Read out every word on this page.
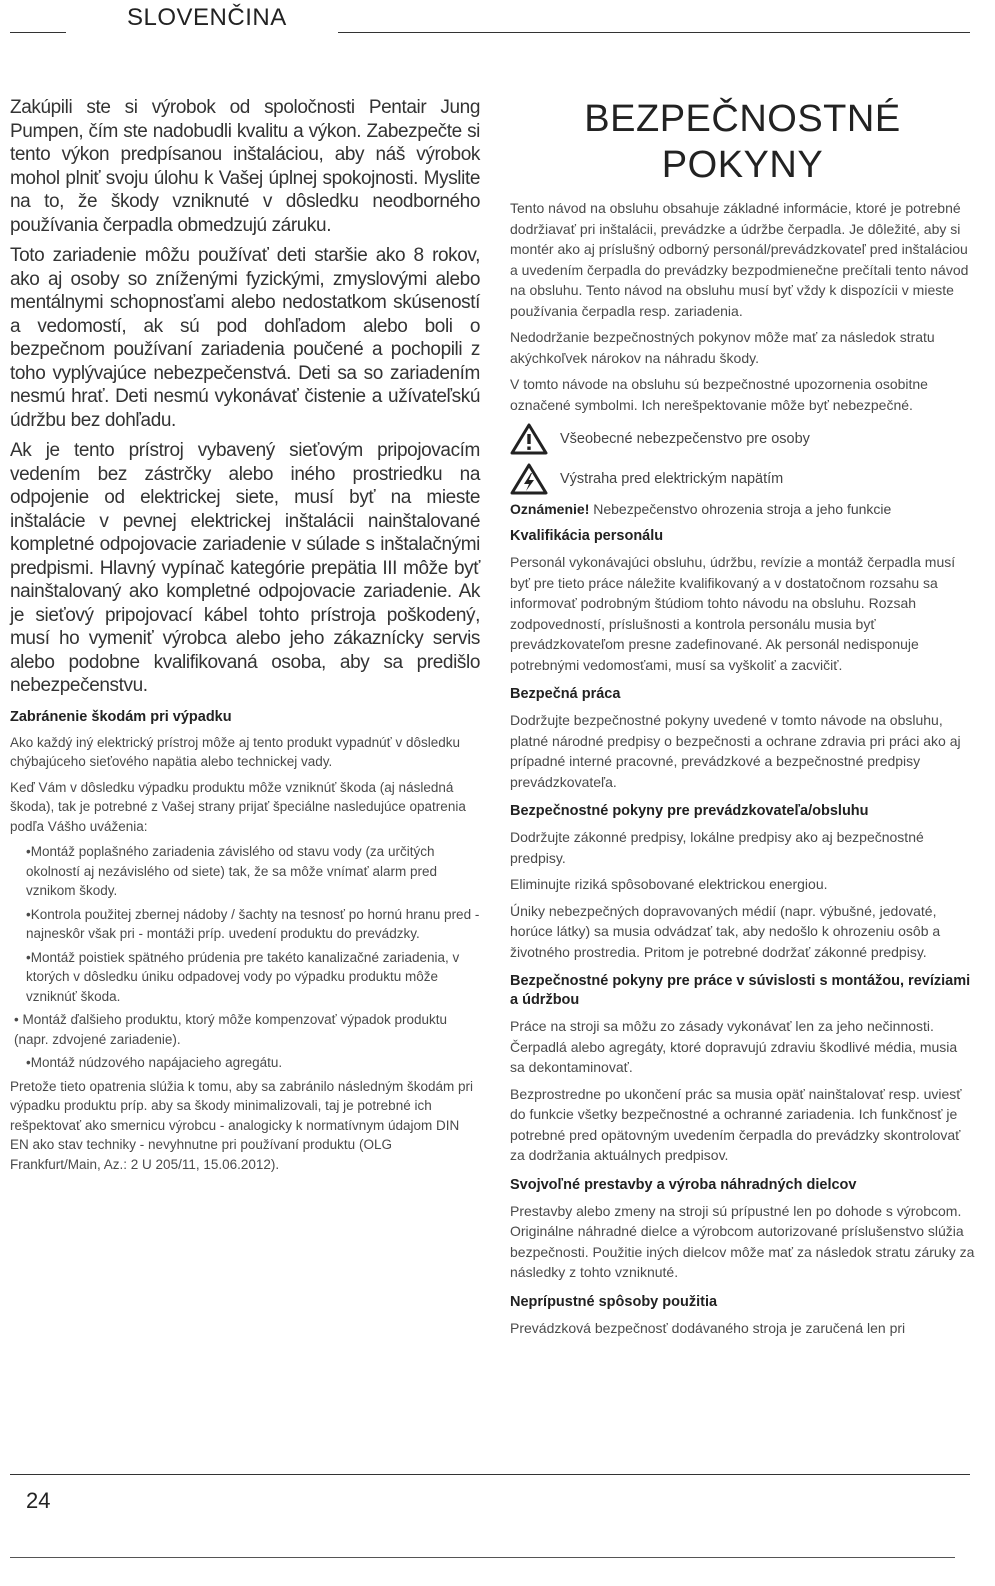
SLOVENČINA

Zakúpili ste si výrobok od spoločnosti Pentair Jung Pumpen, čím ste nadobudli kvalitu a výkon. Zabezpečte si tento výkon predpísanou inštaláciou, aby náš výrobok mohol plniť svoju úlohu k Vašej úplnej spokojnosti. Myslite na to, že škody vzniknuté v dôsledku neodborného používania čerpadla obmedzujú záruku.

Toto zariadenie môžu používať deti staršie ako 8 rokov, ako aj osoby so zníženými fyzickými, zmyslovými alebo mentálnymi schopnosťami alebo nedostatkom skúseností a vedomostí, ak sú pod dohľadom alebo boli o bezpečnom používaní zariadenia poučené a pochopili z toho vyplývajúce nebezpečenstvá. Deti sa so zariadením nesmú hrať. Deti nesmú vykonávať čistenie a užívateľskú údržbu bez dohľadu.

Ak je tento prístroj vybavený sieťovým pripojovacím vedením bez zástrčky alebo iného prostriedku na odpojenie od elektrickej siete, musí byť na mieste inštalácie v pevnej elektrickej inštalácii nainštalované kompletné odpojovacie zariadenie v súlade s inštalačnými predpismi. Hlavný vypínač kategórie prepätia III môže byť nainštalovaný ako kompletné odpojovacie zariadenie. Ak je sieťový pripojovací kábel tohto prístroja poškodený, musí ho vymeniť výrobca alebo jeho zákaznícky servis alebo podobne kvalifikovaná osoba, aby sa predišlo nebezpečenstvu.

Zabránenie škodám pri výpadku

Ako každý iný elektrický prístroj môže aj tento produkt vypadnúť v dôsledku chýbajúceho sieťového napätia alebo technickej vady.

Keď Vám v dôsledku výpadku produktu môže vzniknúť škoda (aj následná škoda), tak je potrebné z Vašej strany prijať špeciálne nasledujúce opatrenia podľa Vášho uváženia:

•Montáž poplašného zariadenia závislého od stavu vody (za určitých okolností aj nezávislého od siete) tak, že sa môže vnímať alarm pred vznikom škody.

•Kontrola použitej zbernej nádoby / šachty na tesnosť po hornú hranu pred -najneskôr však pri - montáži príp. uvedení produktu do prevádzky.

•Montáž poistiek spätného prúdenia pre takéto kanalizačné zariadenia, v ktorých v dôsledku úniku odpadovej vody po výpadku produktu môže vzniknúť škoda.

• Montáž ďalšieho produktu, ktorý môže kompenzovať výpadok produktu (napr. zdvojené zariadenie).

•Montáž núdzového napájacieho agregátu.

Pretože tieto opatrenia slúžia k tomu, aby sa zabránilo následným škodám pri výpadku produktu príp. aby sa škody minimalizovali, taj je potrebné ich rešpektovať ako smernicu výrobcu - analogicky k normatívnym údajom DIN EN ako stav techniky - nevyhnutne pri používaní produktu (OLG Frankfurt/Main, Az.: 2 U 205/11, 15.06.2012).

BEZPEČNOSTNÉ POKYNY

Tento návod na obsluhu obsahuje základné informácie, ktoré je potrebné dodržiavať pri inštalácii, prevádzke a údržbe čerpadla. Je dôležité, aby si montér ako aj príslušný odborný personál/prevádzkovateľ pred inštaláciou a uvedením čerpadla do prevádzky bezpodmienečne prečítali tento návod na obsluhu. Tento návod na obsluhu musí byť vždy k dispozícii v mieste používania čerpadla resp. zariadenia.

Nedodržanie bezpečnostných pokynov môže mať za následok stratu akýchkoľvek nárokov na náhradu škody.

V tomto návode na obsluhu sú bezpečnostné upozornenia osobitne označené symbolmi. Ich nerešpektovanie môže byť nebezpečné.

Všeobecné nebezpečenstvo pre osoby
Výstraha pred elektrickým napätím
Oznámenie! Nebezpečenstvo ohrozenia stroja a jeho funkcie
Kvalifikácia personálu

Personál vykonávajúci obsluhu, údržbu, revízie a montáž čerpadla musí byť pre tieto práce náležite kvalifikovaný a v dostatočnom rozsahu sa informovať podrobným štúdiom tohto návodu na obsluhu. Rozsah zodpovedností, príslušnosti a kontrola personálu musia byť prevádzkovateľom presne zadefinované. Ak personál nedisponuje potrebnými vedomosťami, musí sa vyškoliť a zacvičiť.

Bezpečná práca

Dodržujte bezpečnostné pokyny uvedené v tomto návode na obsluhu, platné národné predpisy o bezpečnosti a ochrane zdravia pri práci ako aj prípadné interné pracovné, prevádzkové a bezpečnostné predpisy prevádzkovateľa.

Bezpečnostné pokyny pre prevádzkovateľa/obsluhu

Dodržujte zákonné predpisy, lokálne predpisy ako aj bezpečnostné predpisy.

Eliminujte riziká spôsobované elektrickou energiou.

Úniky nebezpečných dopravovaných médií (napr. výbušné, jedovaté, horúce látky) sa musia odvádzať tak, aby nedošlo k ohrozeniu osôb a životného prostredia. Pritom je potrebné dodržať zákonné predpisy.

Bezpečnostné pokyny pre práce v súvislosti s montážou, revíziami a údržbou

Práce na stroji sa môžu zo zásady vykonávať len za jeho nečinnosti. Čerpadlá alebo agregáty, ktoré dopravujú zdraviu škodlivé média, musia sa dekontaminovať.

Bezprostredne po ukončení prác sa musia opäť nainštalovať resp. uviesť do funkcie všetky bezpečnostné a ochranné zariadenia. Ich funkčnosť je potrebné pred opätovným uvedením čerpadla do prevádzky skontrolovať za dodržania aktuálnych predpisov.

Svojvoľné prestavby a výroba náhradných dielcov

Prestavby alebo zmeny na stroji sú prípustné len po dohode s výrobcom. Originálne náhradné dielce a výrobcom autorizované príslušenstvo slúžia bezpečnosti. Použitie iných dielcov môže mať za následok stratu záruky za následky z tohto vzniknuté.

Neprípustné spôsoby použitia

Prevádzková bezpečnosť dodávaného stroja je zaručená len pri

24
